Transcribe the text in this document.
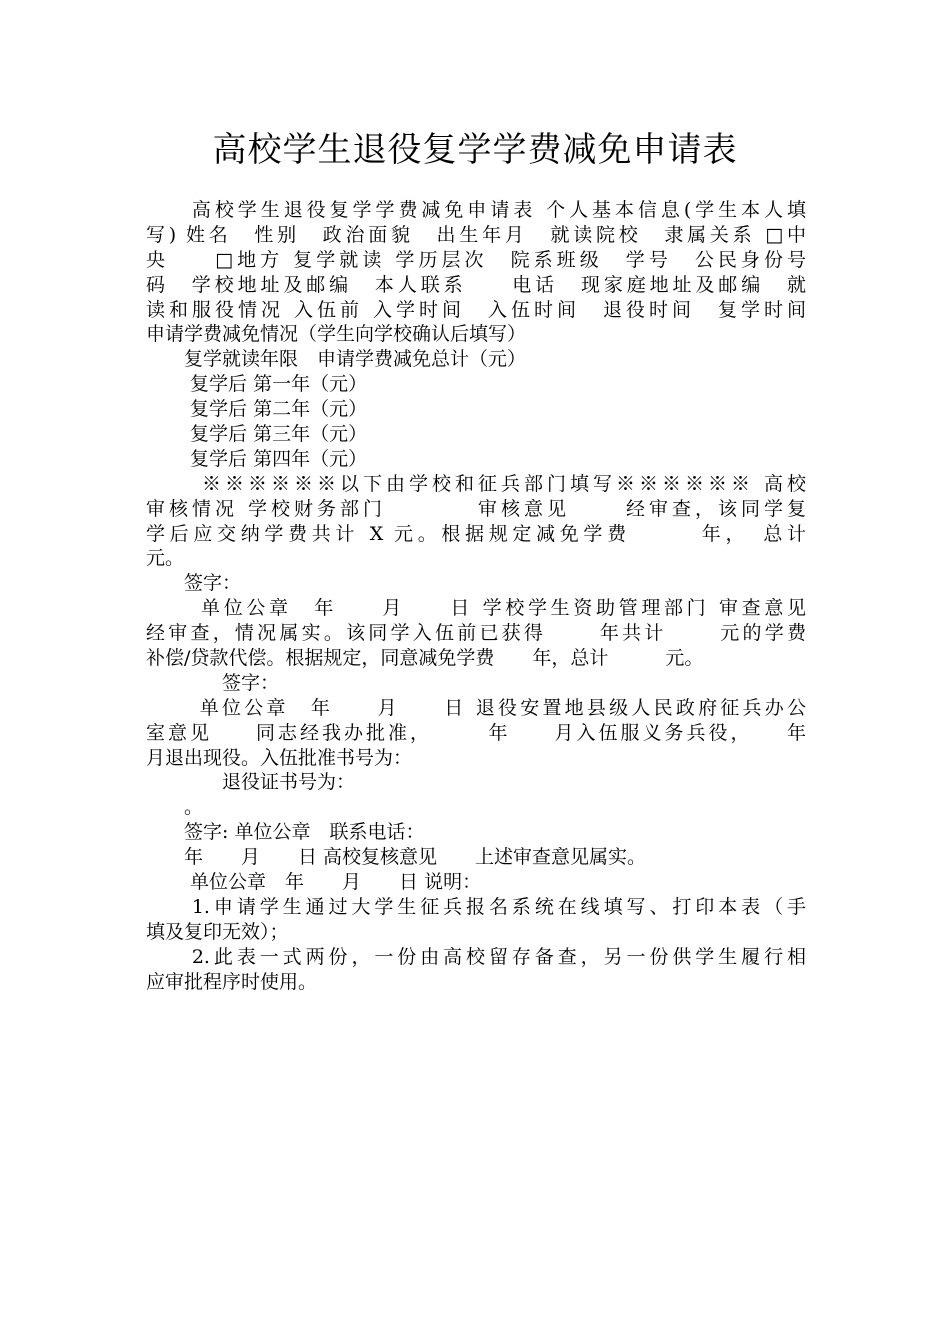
高校学生退役复学学费减免申请表
　　高校学生退役复学学费减免申请表 个人基本信息(学生本人填
写) 姓名　性别　政治面貌　出生年月　就读院校　隶属关系 □中
央　　□地方 复学就读 学历层次　院系班级　学号　公民身份号
码　学校地址及邮编　本人联系　　电话　现家庭地址及邮编　就
读和服役情况 入伍前 入学时间　入伍时间　退役时间　复学时间
申请学费减免情况（学生向学校确认后填写）
　　复学就读年限　申请学费减免总计（元）
　　 复学后 第一年（元）
　　 复学后 第二年（元）
　　 复学后 第三年（元）
　　 复学后 第四年（元）
　　 ※※※※※※以下由学校和征兵部门填写※※※※※※ 高校
审核情况 学校财务部门　　　　审核意见　　 经审查，该同学复
学后应交纳学费共计 X 元。根据规定减免学费　　　年，　总计
元。
　　签字：
　　 单位公章　年　　月　　日 学校学生资助管理部门 审查意见
经审查，情况属实。该同学入伍前已获得　　 年共计　　 元的学费
补偿/贷款代偿。根据规定，同意减免学费　　年，总计　　　元。
　　　　签字：
　　 单位公章　年　　月　　日 退役安置地县级人民政府征兵办公
室意见　　同志经我办批准，　　　年　　月入伍服义务兵役，　　年
月退出现役。入伍批准书号为：
　　　　退役证书号为：
　　。
　　签字: 单位公章　联系电话：
　　年　　月　　日 高校复核意见　　上述审查意见属实。
　　 单位公章　年　　月　　日 说明：
　　1.申请学生通过大学生征兵报名系统在线填写、打印本表（手
填及复印无效）；
　　2.此表一式两份，一份由高校留存备查，另一份供学生履行相
应审批程序时使用。
